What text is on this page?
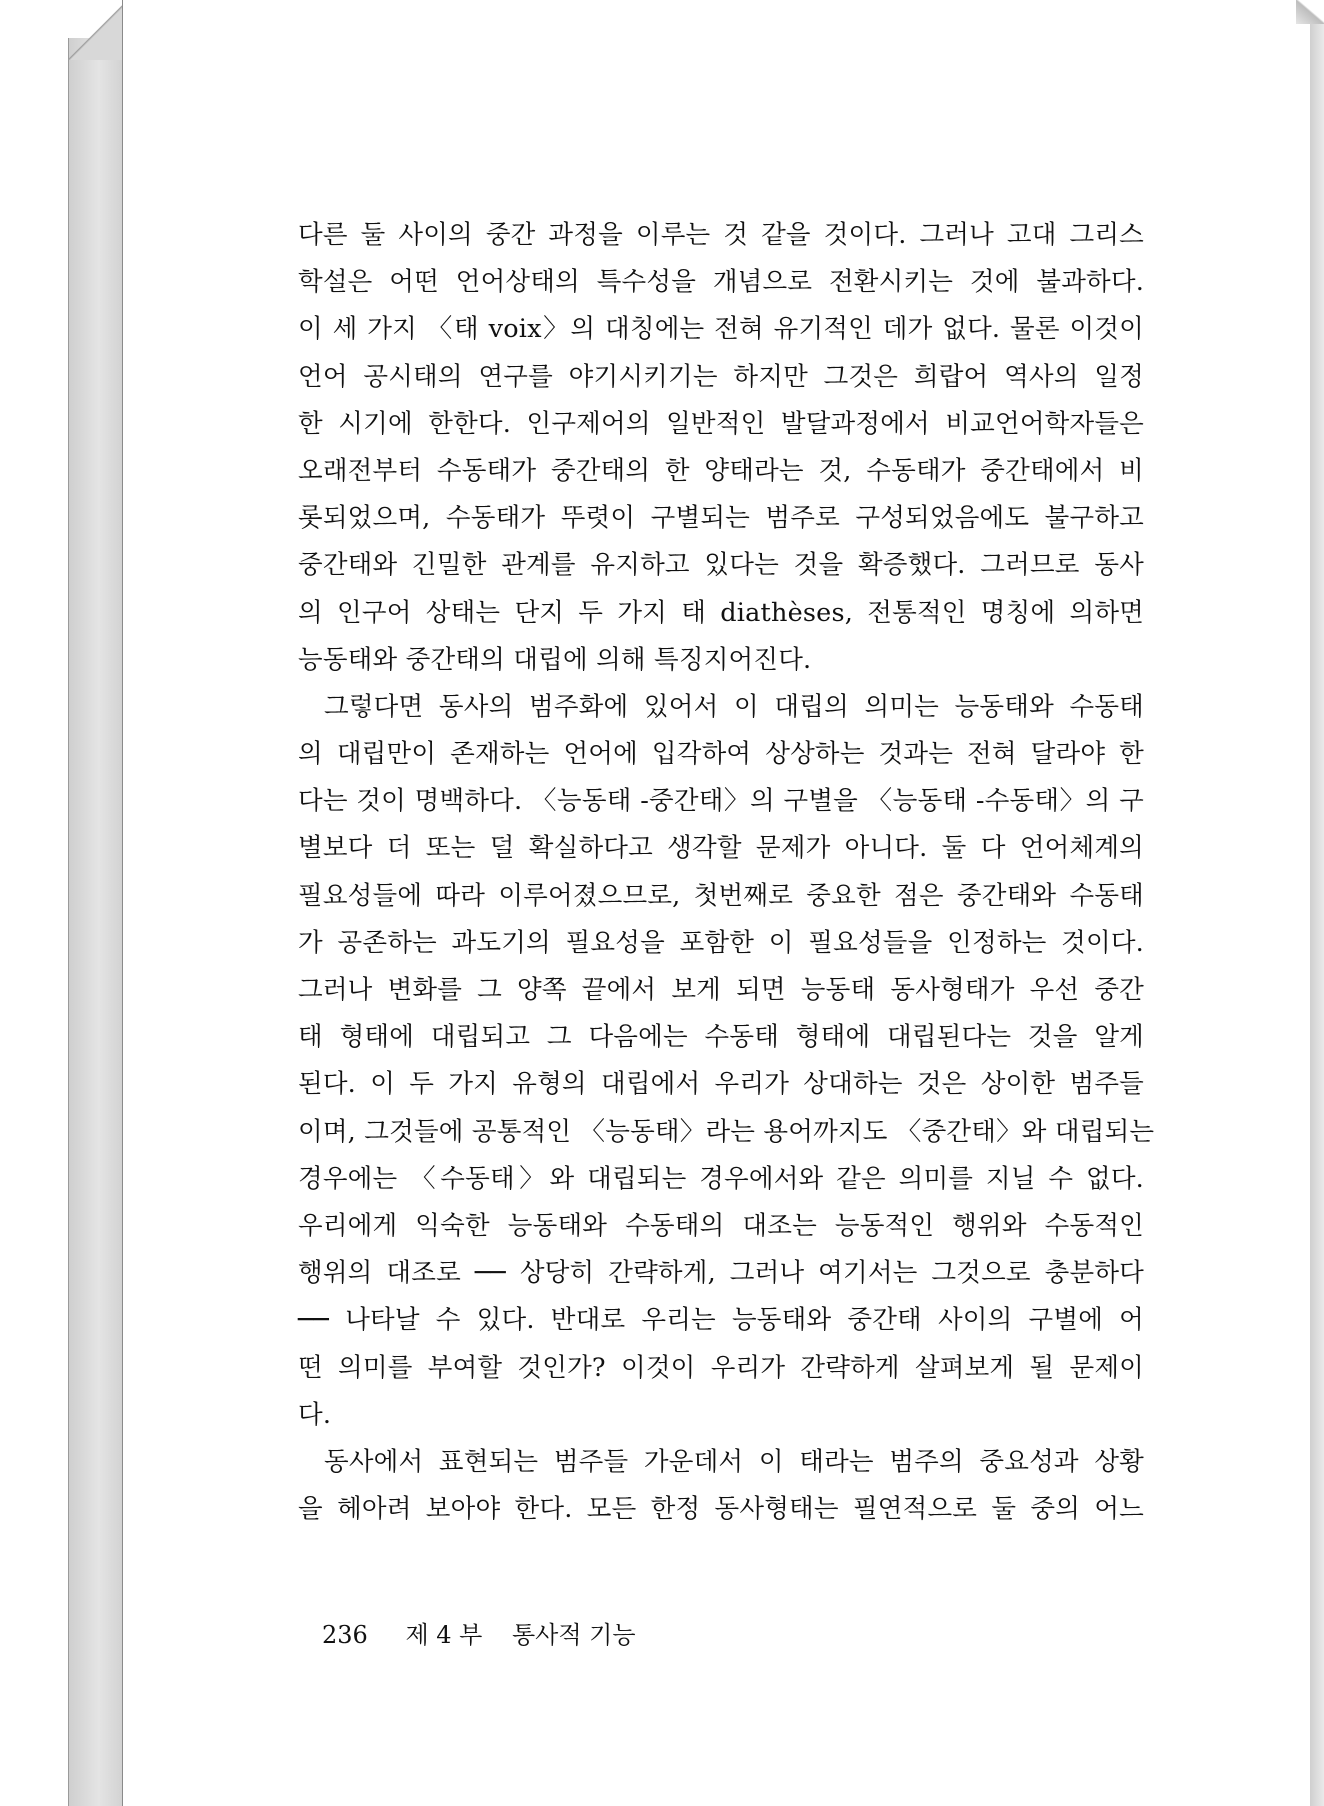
다른 둘 사이의 중간 과정을 이루는 것 같을 것이다. 그러나 고대 그리스
학설은 어떤 언어상태의 특수성을 개념으로 전환시키는 것에 불과하다.
이 세 가지 〈태 voix〉의 대칭에는 전혀 유기적인 데가 없다. 물론 이것이
언어 공시태의 연구를 야기시키기는 하지만 그것은 희랍어 역사의 일정
한 시기에 한한다. 인구제어의 일반적인 발달과정에서 비교언어학자들은
오래전부터 수동태가 중간태의 한 양태라는 것, 수동태가 중간태에서 비
롯되었으며, 수동태가 뚜렷이 구별되는 범주로 구성되었음에도 불구하고
중간태와 긴밀한 관계를 유지하고 있다는 것을 확증했다. 그러므로 동사
의 인구어 상태는 단지 두 가지 태 diathèses, 전통적인 명칭에 의하면
능동태와 중간태의 대립에 의해 특징지어진다.
그렇다면 동사의 범주화에 있어서 이 대립의 의미는 능동태와 수동태
의 대립만이 존재하는 언어에 입각하여 상상하는 것과는 전혀 달라야 한
다는 것이 명백하다. 〈능동태 -중간태〉의 구별을 〈능동태 -수동태〉의 구
별보다 더 또는 덜 확실하다고 생각할 문제가 아니다. 둘 다 언어체계의
필요성들에 따라 이루어졌으므로, 첫번째로 중요한 점은 중간태와 수동태
가 공존하는 과도기의 필요성을 포함한 이 필요성들을 인정하는 것이다.
그러나 변화를 그 양쪽 끝에서 보게 되면 능동태 동사형태가 우선 중간
태 형태에 대립되고 그 다음에는 수동태 형태에 대립된다는 것을 알게
된다. 이 두 가지 유형의 대립에서 우리가 상대하는 것은 상이한 범주들
이며, 그것들에 공통적인 〈능동태〉라는 용어까지도 〈중간태〉와 대립되는
경우에는 〈수동태〉와 대립되는 경우에서와 같은 의미를 지닐 수 없다.
우리에게 익숙한 능동태와 수동태의 대조는 능동적인 행위와 수동적인
행위의 대조로 ── 상당히 간략하게, 그러나 여기서는 그것으로 충분하다
── 나타날 수 있다. 반대로 우리는 능동태와 중간태 사이의 구별에 어
떤 의미를 부여할 것인가? 이것이 우리가 간략하게 살펴보게 될 문제이
다.
동사에서 표현되는 범주들 가운데서 이 태라는 범주의 중요성과 상황
을 헤아려 보아야 한다. 모든 한정 동사형태는 필연적으로 둘 중의 어느
236 제 4 부 통사적 기능
